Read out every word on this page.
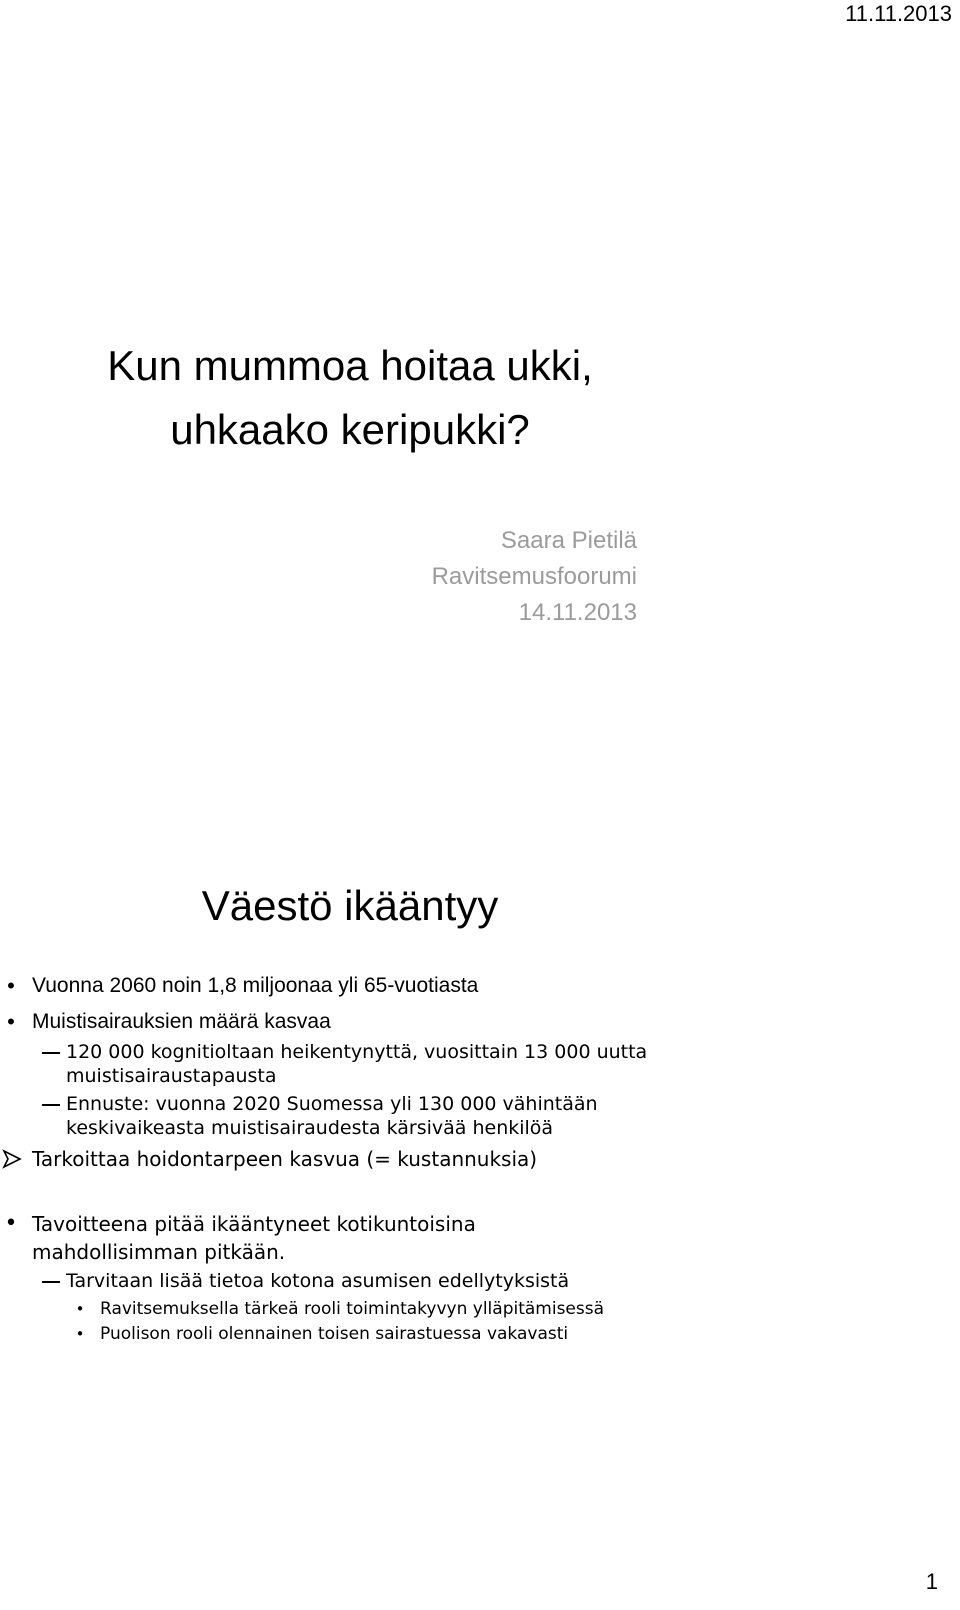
11.11.2013
Kun mummoa hoitaa ukki,
uhkaako keripukki?
Saara Pietilä
Ravitsemusfoorumi
14.11.2013
Väestö ikääntyy
• Vuonna 2060 noin 1,8 miljoonaa yli 65-vuotiasta
• Muistisairauksien määrä kasvaa
120 000 kognitioltaan heikentynyttä, vuosittain 13 000 uutta
muistisairaustapausta
Ennuste: vuonna 2020 Suomessa yli 130 000 vähintään
keskivaikeasta muistisairaudesta kärsivää henkilöä
Tarkoittaa hoidontarpeen kasvua (= kustannuksia)
• Tavoitteena pitää ikääntyneet kotikuntoisina
mahdollisimman pitkään.
Tarvitaan lisää tietoa kotona asumisen edellytyksistä
• Ravitsemuksella tärkeä rooli toimintakyvyn ylläpitämisessä
• Puolison rooli olennainen toisen sairastuessa vakavasti
1
